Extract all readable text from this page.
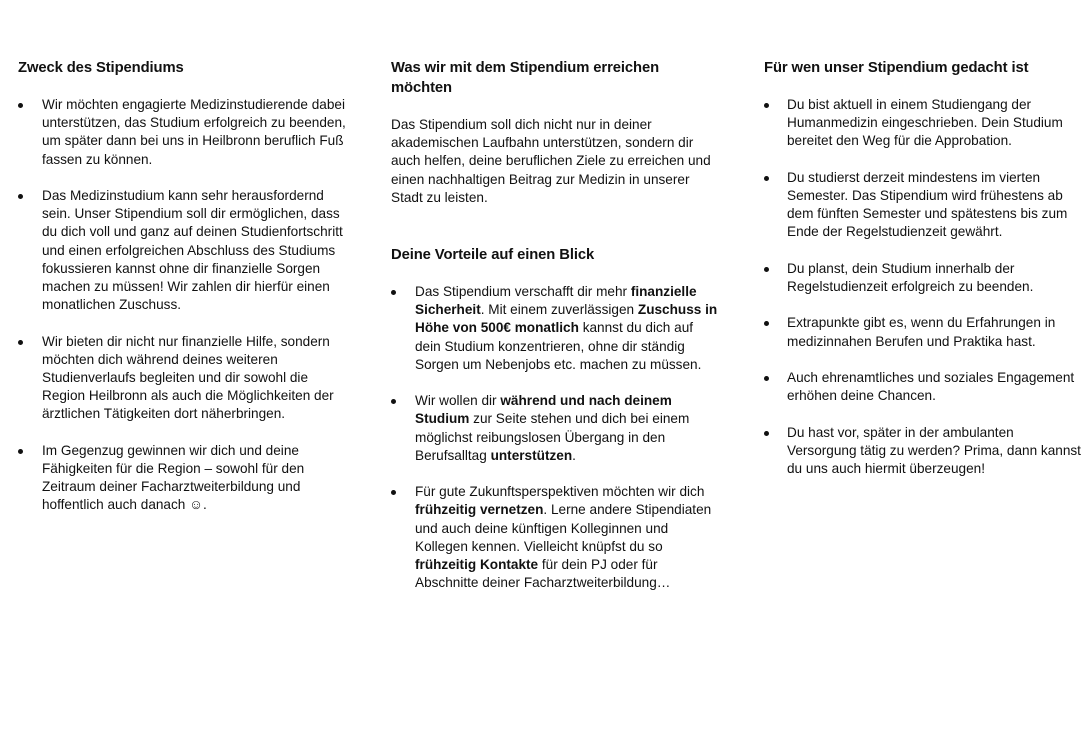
Zweck des Stipendiums
Wir möchten engagierte Medizinstudierende dabei unterstützen, das Studium erfolgreich zu beenden, um später dann bei uns in Heilbronn beruflich Fuß fassen zu können.
Das Medizinstudium kann sehr herausfordernd sein. Unser Stipendium soll dir ermöglichen, dass du dich voll und ganz auf deinen Studienfortschritt und einen erfolgreichen Abschluss des Studiums fokussieren kannst ohne dir finanzielle Sorgen machen zu müssen! Wir zahlen dir hierfür einen monatlichen Zuschuss.
Wir bieten dir nicht nur finanzielle Hilfe, sondern möchten dich während deines weiteren Studienverlaufs begleiten und dir sowohl die Region Heilbronn als auch die Möglichkeiten der ärztlichen Tätigkeiten dort näherbringen.
Im Gegenzug gewinnen wir dich und deine Fähigkeiten für die Region – sowohl für den Zeitraum deiner Facharztweiterbildung und hoffentlich auch danach ☺.
Was wir mit dem Stipendium erreichen möchten

Das Stipendium soll dich nicht nur in deiner akademischen Laufbahn unterstützen, sondern dir auch helfen, deine beruflichen Ziele zu erreichen und einen nachhaltigen Beitrag zur Medizin in unserer Stadt zu leisten.

Deine Vorteile auf einen Blick
Das Stipendium verschafft dir mehr finanzielle Sicherheit. Mit einem zuverlässigen Zuschuss in Höhe von 500€ monatlich kannst du dich auf dein Studium konzentrieren, ohne dir ständig Sorgen um Nebenjobs etc. machen zu müssen.
Wir wollen dir während und nach deinem Studium zur Seite stehen und dich bei einem möglichst reibungslosen Übergang in den Berufsalltag unterstützen.
Für gute Zukunftsperspektiven möchten wir dich frühzeitig vernetzen. Lerne andere Stipendiaten und auch deine künftigen Kolleginnen und Kollegen kennen. Vielleicht knüpfst du so frühzeitig Kontakte für dein PJ oder für Abschnitte deiner Facharztweiterbildung…
Für wen unser Stipendium gedacht ist
Du bist aktuell in einem Studiengang der Humanmedizin eingeschrieben. Dein Studium bereitet den Weg für die Approbation.
Du studierst derzeit mindestens im vierten Semester. Das Stipendium wird frühestens ab dem fünften Semester und spätestens bis zum Ende der Regelstudienzeit gewährt.
Du planst, dein Studium innerhalb der Regelstudienzeit erfolgreich zu beenden.
Extrapunkte gibt es, wenn du Erfahrungen in medizinnahen Berufen und Praktika hast.
Auch ehrenamtliches und soziales Engagement erhöhen deine Chancen.
Du hast vor, später in der ambulanten Versorgung tätig zu werden? Prima, dann kannst du uns auch hiermit überzeugen!
